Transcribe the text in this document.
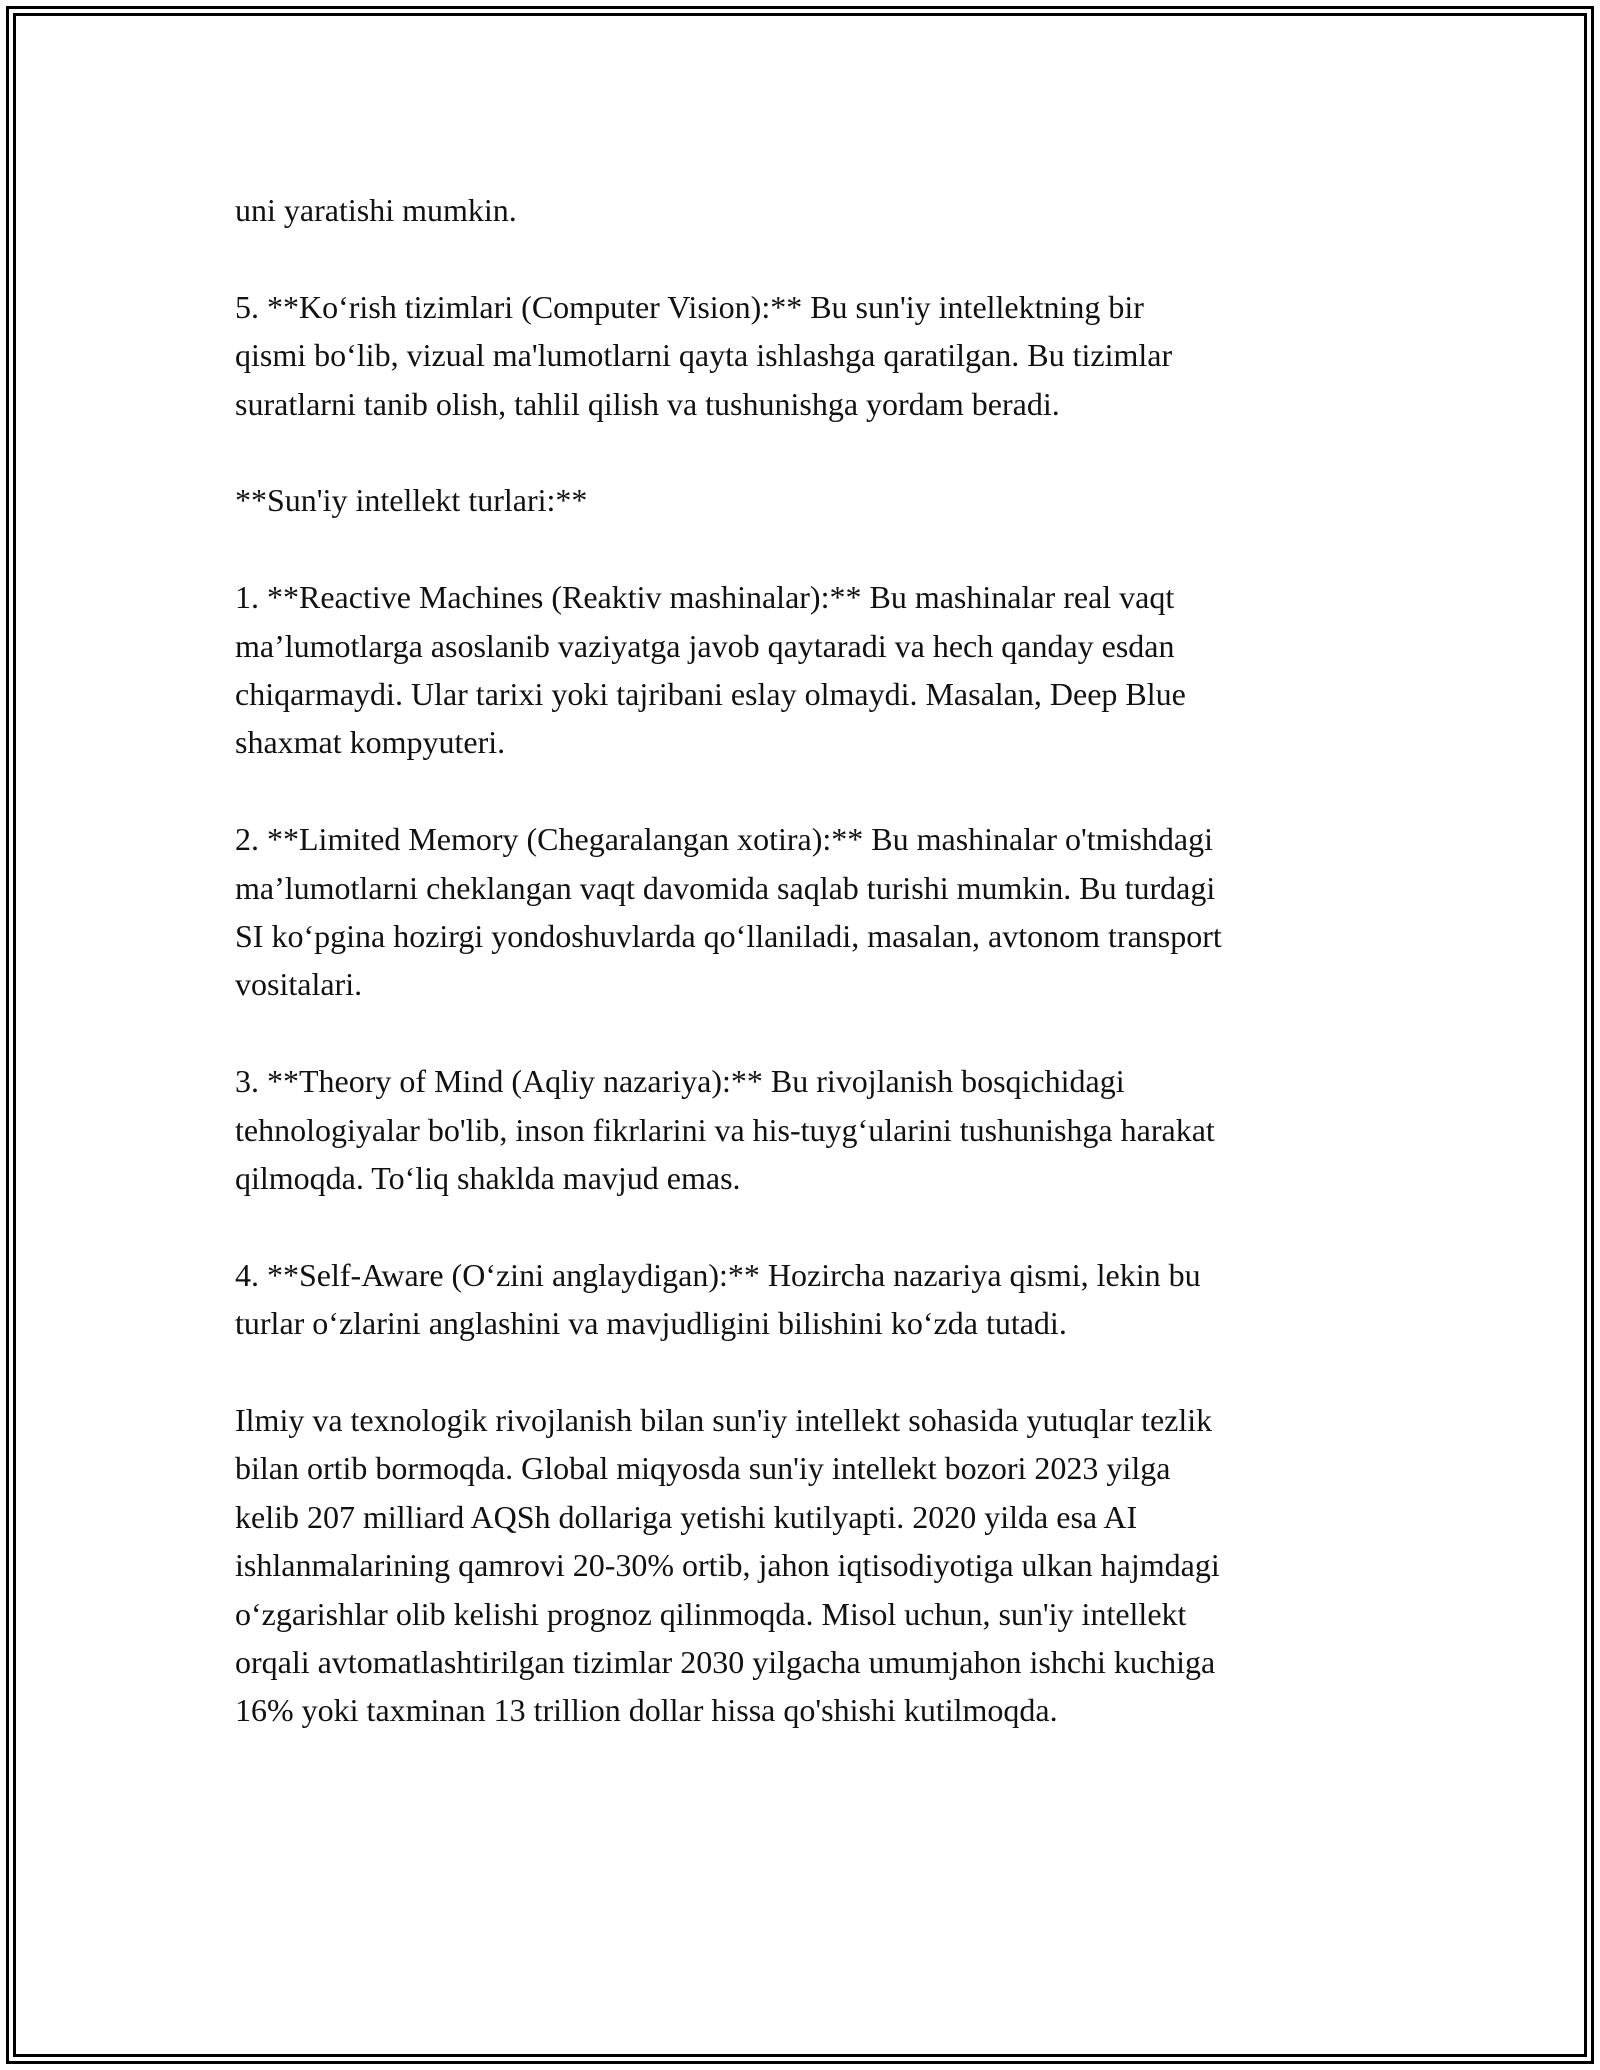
uni yaratishi mumkin.

5. **Ko‘rish tizimlari (Computer Vision):** Bu sun'iy intellektning bir
qismi bo‘lib, vizual ma'lumotlarni qayta ishlashga qaratilgan. Bu tizimlar
suratlarni tanib olish, tahlil qilish va tushunishga yordam beradi.

**Sun'iy intellekt turlari:**

1. **Reactive Machines (Reaktiv mashinalar):** Bu mashinalar real vaqt
ma’lumotlarga asoslanib vaziyatga javob qaytaradi va hech qanday esdan
chiqarmaydi. Ular tarixi yoki tajribani eslay olmaydi. Masalan, Deep Blue
shaxmat kompyuteri.

2. **Limited Memory (Chegaralangan xotira):** Bu mashinalar o'tmishdagi
ma’lumotlarni cheklangan vaqt davomida saqlab turishi mumkin. Bu turdagi
SI ko‘pgina hozirgi yondoshuvlarda qo‘llaniladi, masalan, avtonom transport
vositalari.

3. **Theory of Mind (Aqliy nazariya):** Bu rivojlanish bosqichidagi
tehnologiyalar bo'lib, inson fikrlarini va his-tuyg‘ularini tushunishga harakat
qilmoqda. To‘liq shaklda mavjud emas.

4. **Self-Aware (O‘zini anglaydigan):** Hozircha nazariya qismi, lekin bu
turlar o‘zlarini anglashini va mavjudligini bilishini ko‘zda tutadi.

Ilmiy va texnologik rivojlanish bilan sun'iy intellekt sohasida yutuqlar tezlik
bilan ortib bormoqda. Global miqyosda sun'iy intellekt bozori 2023 yilga
kelib 207 milliard AQSh dollariga yetishi kutilyapti. 2020 yilda esa AI
ishlanmalarining qamrovi 20-30% ortib, jahon iqtisodiyotiga ulkan hajmdagi
o‘zgarishlar olib kelishi prognoz qilinmoqda. Misol uchun, sun'iy intellekt
orqali avtomatlashtirilgan tizimlar 2030 yilgacha umumjahon ishchi kuchiga
16% yoki taxminan 13 trillion dollar hissa qo'shishi kutilmoqda.
